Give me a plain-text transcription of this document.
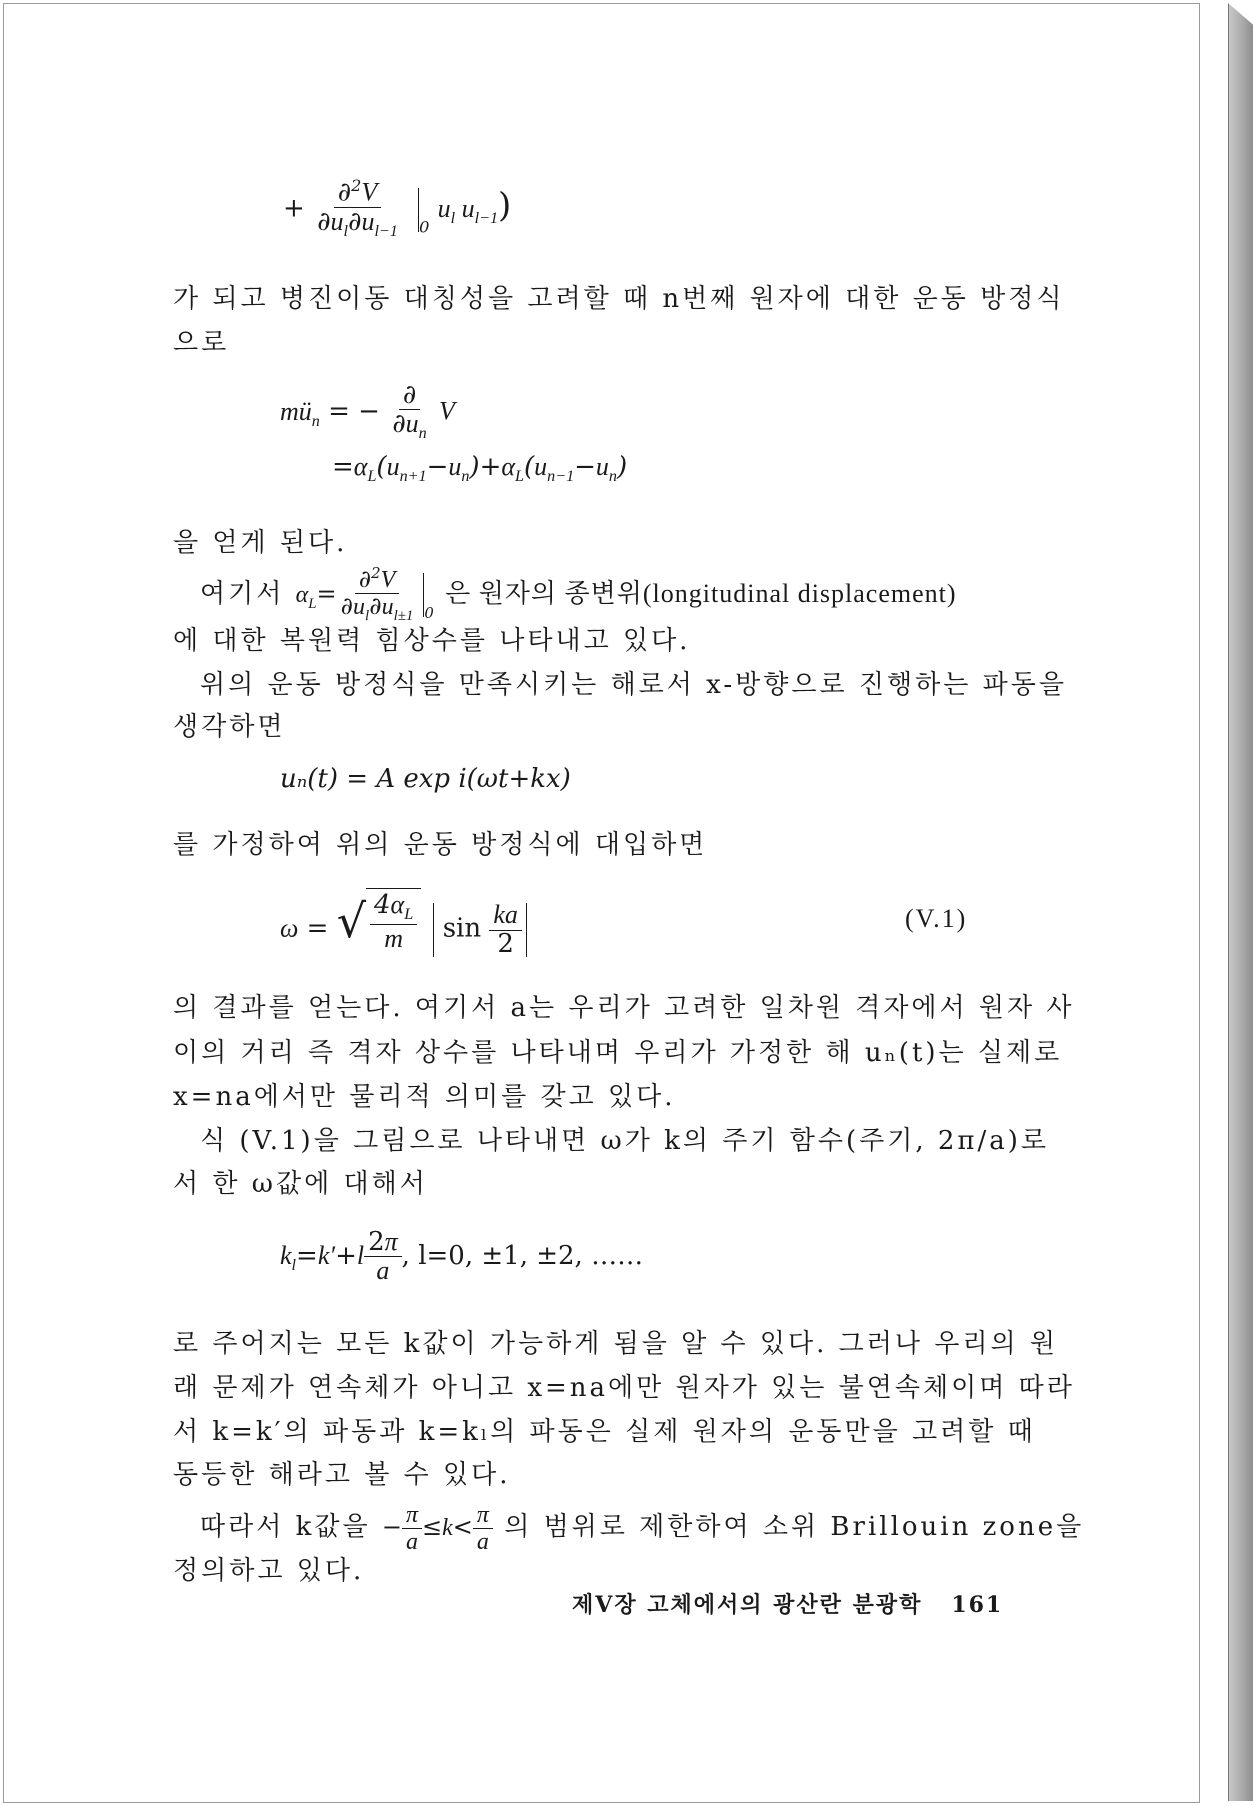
+ $\frac{\partial^2V}{\partial u_l\partial u_{l-1}} _0$ $u_l$ $u_{l-1}$)
가 되고 병진이동 대칭성을 고려할 때 n번째 원자에 대한 운동 방정식
으로
$mü_n$ = − $\frac{\partial}{\partial u_n}$ V
$=\alpha_L(u_{n+1}-u_n)+\alpha_L(u_{n-1}-u_n)$
을 얻게 된다.
여기서 $\alpha_L= \frac{\partial^2V}{\partial u_l\partial u_{l\pm 1}} _0$ 은 원자의 종변위(longitudinal displacement)
에 대한 복원력 힘상수를 나타내고 있다.
위의 운동 방정식을 만족시키는 해로서 x-방향으로 진행하는 파동을
생각하면
uₙ(t) = A exp i(ωt+kx)
를 가정하여 위의 운동 방정식에 대입하면
ω = √ $\frac{4\alpha_L}{m}$ $\sin \frac{ka}{2}$	(V.1)
의 결과를 얻는다. 여기서 a는 우리가 고려한 일차원 격자에서 원자 사
이의 거리 즉 격자 상수를 나타내며 우리가 가정한 해 uₙ(t)는 실제로
x=na에서만 물리적 의미를 갖고 있다.
식 (V.1)을 그림으로 나타내면 ω가 k의 주기 함수(주기, 2π/a)로
서 한 ω값에 대해서
$k_l=k'+l \frac{2\pi}{a}$ , l=0, ±1, ±2, ……
로 주어지는 모든 k값이 가능하게 됨을 알 수 있다. 그러나 우리의 원
래 문제가 연속체가 아니고 x=na에만 원자가 있는 불연속체이며 따라
서 k=k′의 파동과 k=kₗ의 파동은 실제 원자의 운동만을 고려할 때
동등한 해라고 볼 수 있다.
따라서 k값을 − $\frac{\pi}{a} \le k< \frac{\pi}{a}$ 의 범위로 제한하여 소위 Brillouin zone을
정의하고 있다.
제V장 고체에서의 광산란 분광학 161
